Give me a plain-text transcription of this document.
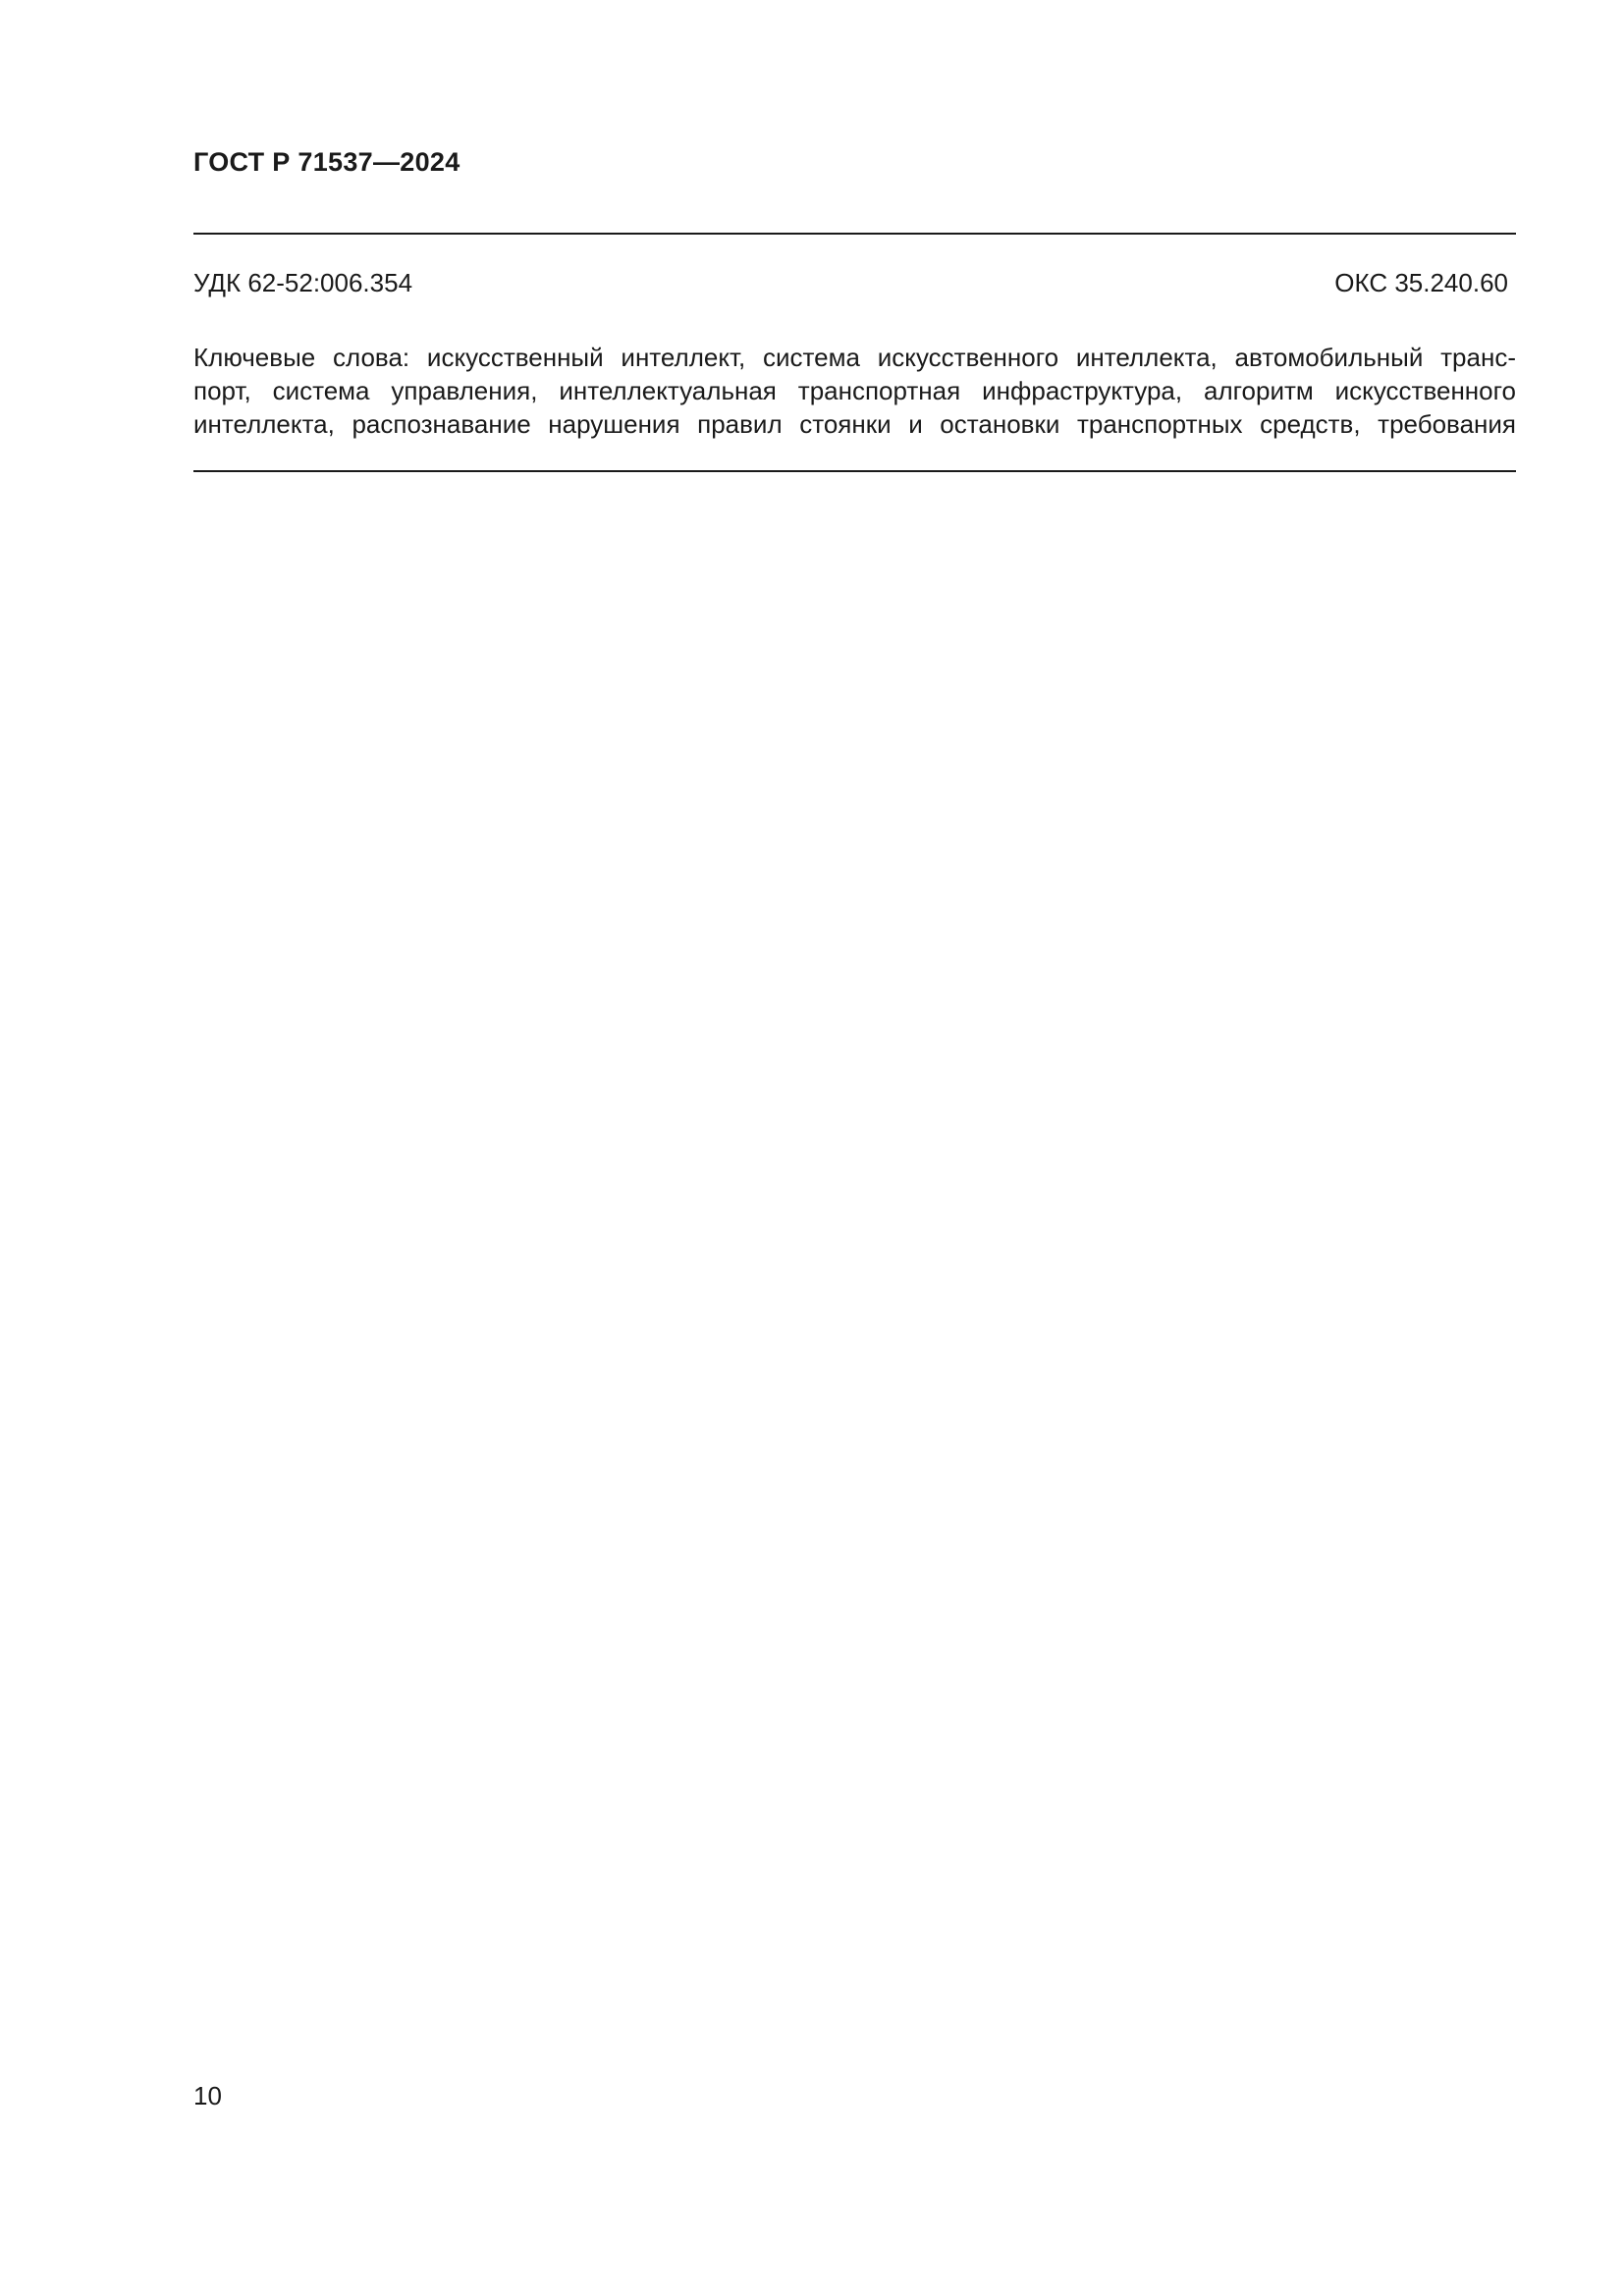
ГОСТ Р 71537—2024
УДК 62-52:006.354	ОКС 35.240.60
Ключевые слова: искусственный интеллект, система искусственного интеллекта, автомобильный транс-
порт, система управления, интеллектуальная транспортная инфраструктура, алгоритм искусственного
интеллекта, распознавание нарушения правил стоянки и остановки транспортных средств, требования
10
